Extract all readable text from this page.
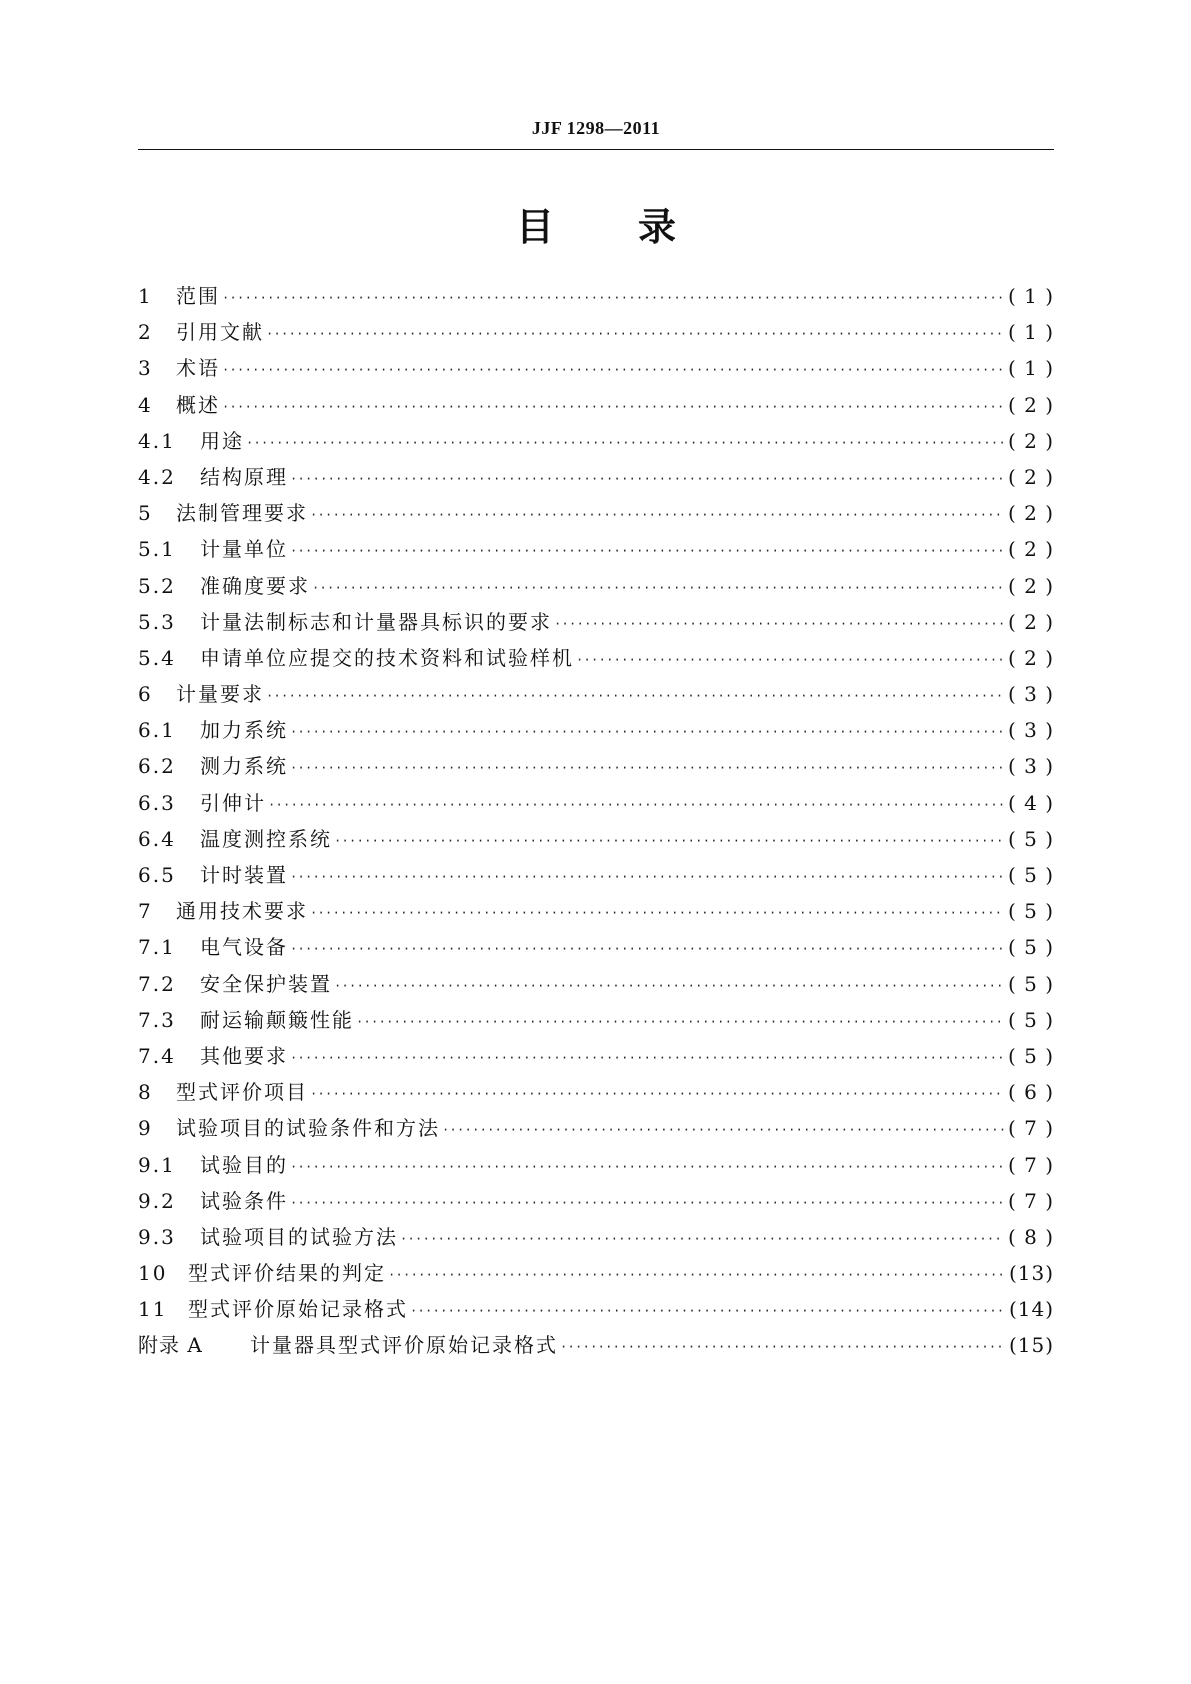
JJF 1298—2011
目 录
1	范围 ·····	( 1 )
2	引用文献 ·····	( 1 )
3	术语 ·····	( 1 )
4	概述 ·····	( 2 )
4.1	用途 ·····	( 2 )
4.2	结构原理 ·····	( 2 )
5	法制管理要求 ·····	( 2 )
5.1	计量单位 ·····	( 2 )
5.2	准确度要求 ·····	( 2 )
5.3	计量法制标志和计量器具标识的要求 ·····	( 2 )
5.4	申请单位应提交的技术资料和试验样机 ·····	( 2 )
6	计量要求 ·····	( 3 )
6.1	加力系统 ·····	( 3 )
6.2	测力系统 ·····	( 3 )
6.3	引伸计 ·····	( 4 )
6.4	温度测控系统 ·····	( 5 )
6.5	计时装置 ·····	( 5 )
7	通用技术要求 ·····	( 5 )
7.1	电气设备 ·····	( 5 )
7.2	安全保护装置 ·····	( 5 )
7.3	耐运输颠簸性能 ·····	( 5 )
7.4	其他要求 ·····	( 5 )
8	型式评价项目 ·····	( 6 )
9	试验项目的试验条件和方法 ·····	( 7 )
9.1	试验目的 ·····	( 7 )
9.2	试验条件 ·····	( 7 )
9.3	试验项目的试验方法 ·····	( 8 )
10	型式评价结果的判定 ·····	(13)
11	型式评价原始记录格式 ·····	(14)
附录 A	计量器具型式评价原始记录格式 ·····	(15)
